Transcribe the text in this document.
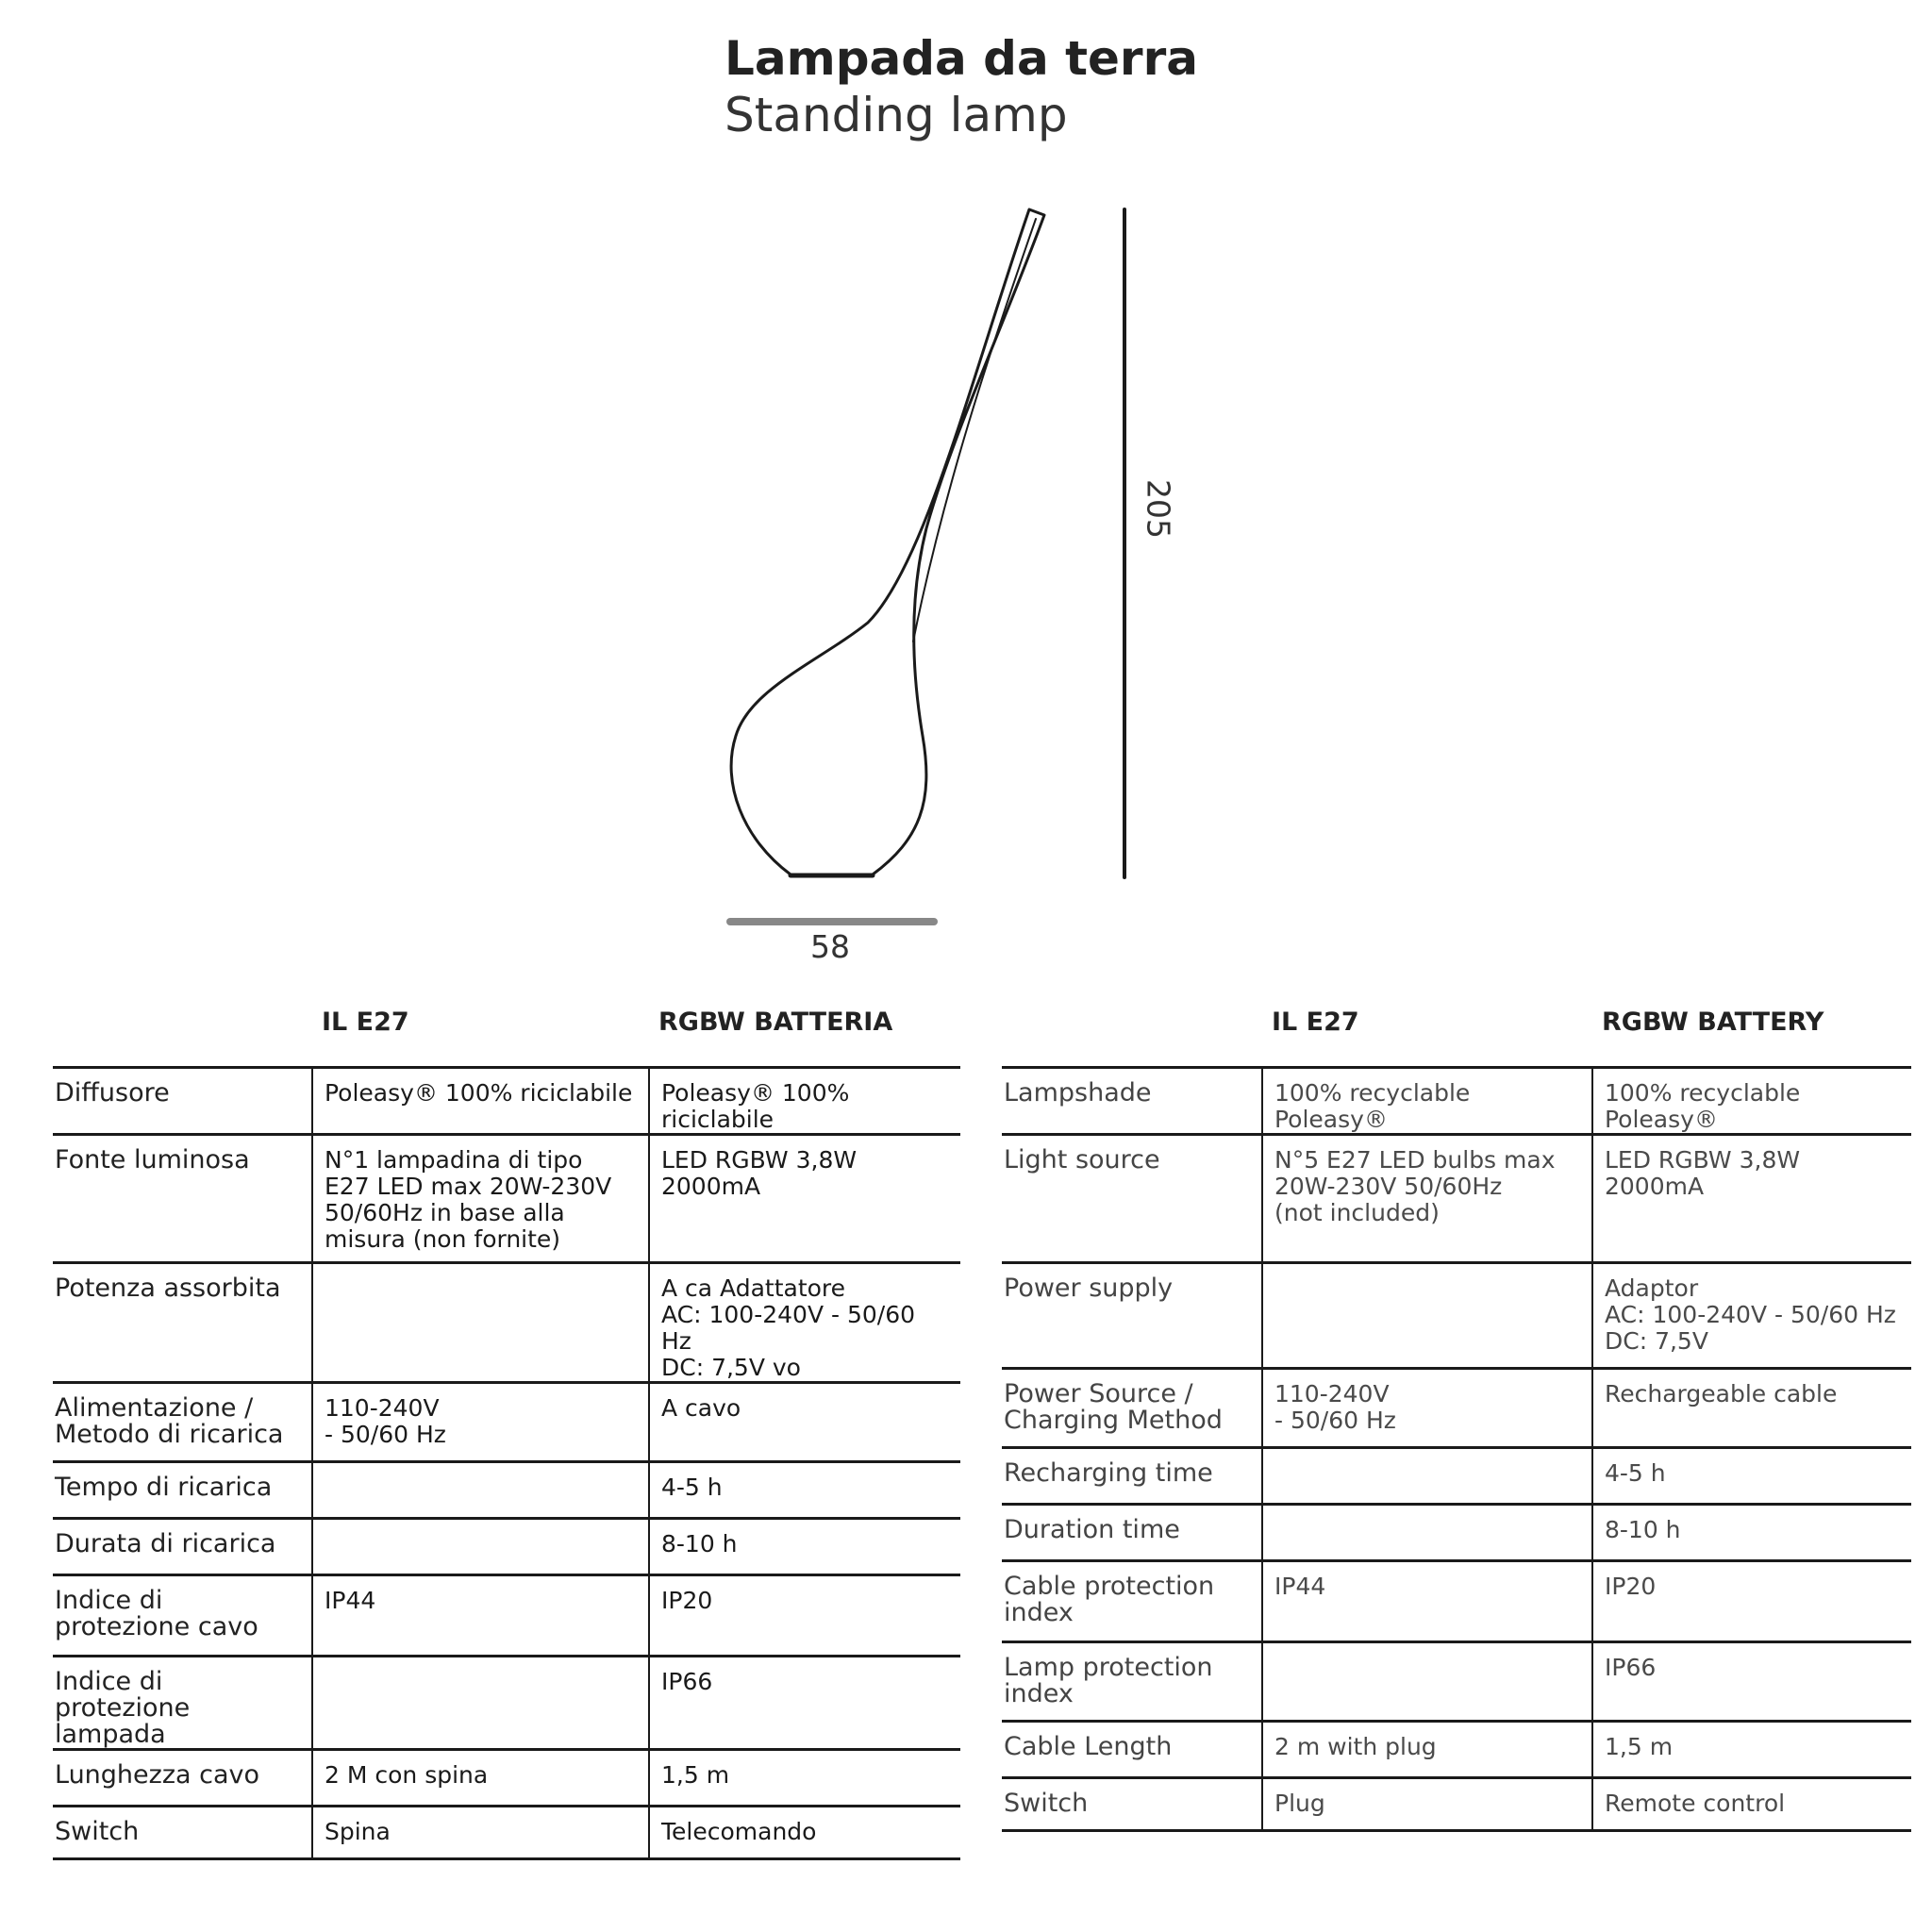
Lampada da terra
Standing lamp
205
58
	IL E27	RGBW BATTERIA
Diffusore	Poleasy® 100% riciclabile	Poleasy® 100% riciclabile
Fonte luminosa	N°1 lampadina di tipo
E27 LED max 20W-230V
50/60Hz in base alla
misura (non fornite)	LED RGBW 3,8W 2000mA
Potenza assorbita		A ca Adattatore
AC: 100-240V - 50/60 Hz
DC: 7,5V vo
Alimentazione /
Metodo di ricarica	110-240V
- 50/60 Hz	A cavo
Tempo di ricarica		4-5 h
Durata di ricarica		8-10 h
Indice di
protezione cavo	IP44	IP20
Indice di protezione
lampada		IP66
Lunghezza cavo	2 M con spina	1,5 m
Switch	Spina	Telecomando
	IL E27	RGBW BATTERY
Lampshade	100% recyclable Poleasy®	100% recyclable Poleasy®
Light source	N°5 E27 LED bulbs max
20W-230V 50/60Hz
(not included)	LED RGBW 3,8W 2000mA
Power supply		Adaptor
AC: 100-240V - 50/60 Hz
DC: 7,5V
Power Source /
Charging Method	110-240V
- 50/60 Hz	Rechargeable cable
Recharging time		4-5 h
Duration time		8-10 h
Cable protection
index	IP44	IP20
Lamp protection
index		IP66
Cable Length	2 m with plug	1,5 m
Switch	Plug	Remote control
